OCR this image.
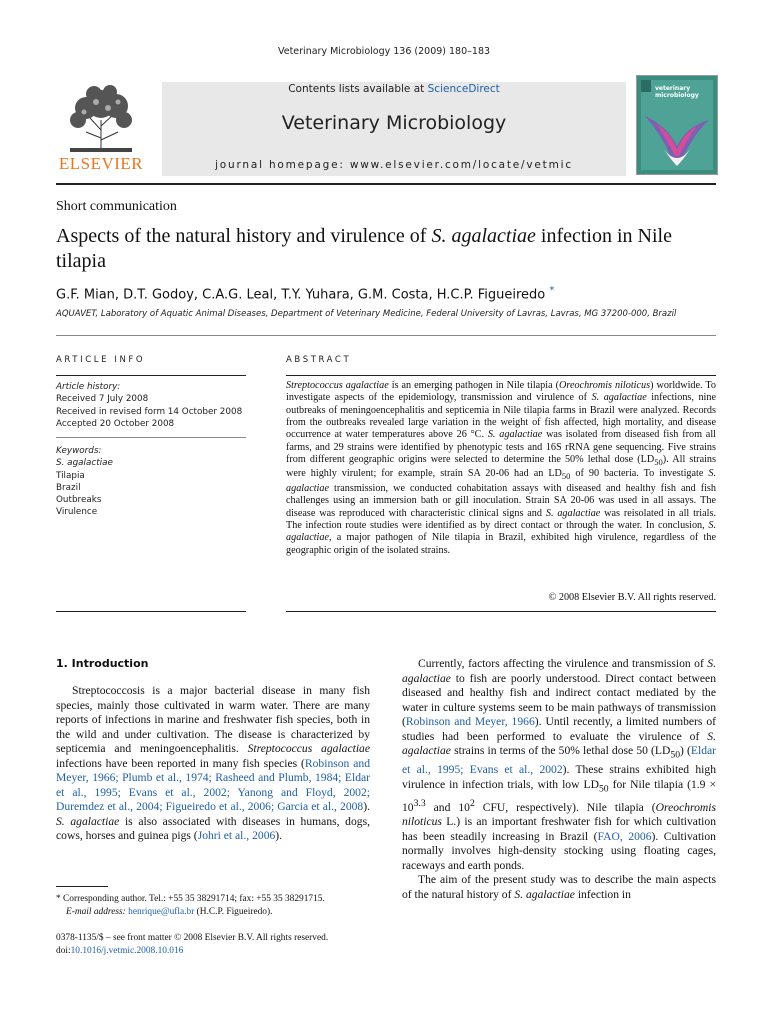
Veterinary Microbiology 136 (2009) 180–183
ELSEVIER
Contents lists available at ScienceDirect
Veterinary Microbiology
journal homepage: www.elsevier.com/locate/vetmic
veterinary
microbiology
Short communication
Aspects of the natural history and virulence of S. agalactiae infection in Nile tilapia
G.F. Mian, D.T. Godoy, C.A.G. Leal, T.Y. Yuhara, G.M. Costa, H.C.P. Figueiredo *
AQUAVET, Laboratory of Aquatic Animal Diseases, Department of Veterinary Medicine, Federal University of Lavras, Lavras, MG 37200-000, Brazil
ARTICLE INFO
Article history:
Received 7 July 2008
Received in revised form 14 October 2008
Accepted 20 October 2008
Keywords:
S. agalactiae
Tilapia
Brazil
Outbreaks
Virulence
ABSTRACT
Streptococcus agalactiae is an emerging pathogen in Nile tilapia (Oreochromis niloticus) worldwide. To investigate aspects of the epidemiology, transmission and virulence of S. agalactiae infections, nine outbreaks of meningoencephalitis and septicemia in Nile tilapia farms in Brazil were analyzed. Records from the outbreaks revealed large variation in the weight of fish affected, high mortality, and disease occurrence at water temperatures above 26 °C. S. agalactiae was isolated from diseased fish from all farms, and 29 strains were identified by phenotypic tests and 16S rRNA gene sequencing. Five strains from different geographic origins were selected to determine the 50% lethal dose $(LD_{50})$. All strains were highly virulent; for example, strain SA 20-06 had an $LD_{50}$ of 90 bacteria. To investigate S. agalactiae transmission, we conducted cohabitation assays with diseased and healthy fish and fish challenges using an immersion bath or gill inoculation. Strain SA 20-06 was used in all assays. The disease was reproduced with characteristic clinical signs and S. agalactiae was reisolated in all trials. The infection route studies were identified as by direct contact or through the water. In conclusion, S. agalactiae, a major pathogen of Nile tilapia in Brazil, exhibited high virulence, regardless of the geographic origin of the isolated strains.
© 2008 Elsevier B.V. All rights reserved.
1. Introduction

Streptococcosis is a major bacterial disease in many fish species, mainly those cultivated in warm water. There are many reports of infections in marine and freshwater fish species, both in the wild and under cultivation. The disease is characterized by septicemia and meningoencephalitis. Streptococcus agalactiae infections have been reported in many fish species (Robinson and Meyer, 1966; Plumb et al., 1974; Rasheed and Plumb, 1984; Eldar et al., 1995; Evans et al., 2002; Yanong and Floyd, 2002; Duremdez et al., 2004; Figueiredo et al., 2006; Garcia et al., 2008). S. agalactiae is also associated with diseases in humans, dogs, cows, horses and guinea pigs (Johri et al., 2006).

Currently, factors affecting the virulence and transmission of S. agalactiae to fish are poorly understood. Direct contact between diseased and healthy fish and indirect contact mediated by the water in culture systems seem to be main pathways of transmission (Robinson and Meyer, 1966). Until recently, a limited numbers of studies had been performed to evaluate the virulence of S. agalactiae strains in terms of the 50% lethal dose 50 $(LD_{50})$ (Eldar et al., 1995; Evans et al., 2002). These strains exhibited high virulence in infection trials, with low $LD_{50}$ for Nile tilapia ($1.9 \times 10^{3.3}$ and $10^2$ CFU, respectively). Nile tilapia (Oreochromis niloticus L.) is an important freshwater fish for which cultivation has been steadily increasing in Brazil (FAO, 2006). Cultivation normally involves high-density stocking using floating cages, raceways and earth ponds.

The aim of the present study was to describe the main aspects of the natural history of S. agalactiae infection in

* Corresponding author. Tel.: +55 35 38291714; fax: +55 35 38291715.
E-mail address: henrique@ufla.br (H.C.P. Figueiredo).
0378-1135/$ – see front matter © 2008 Elsevier B.V. All rights reserved.
doi:10.1016/j.vetmic.2008.10.016
